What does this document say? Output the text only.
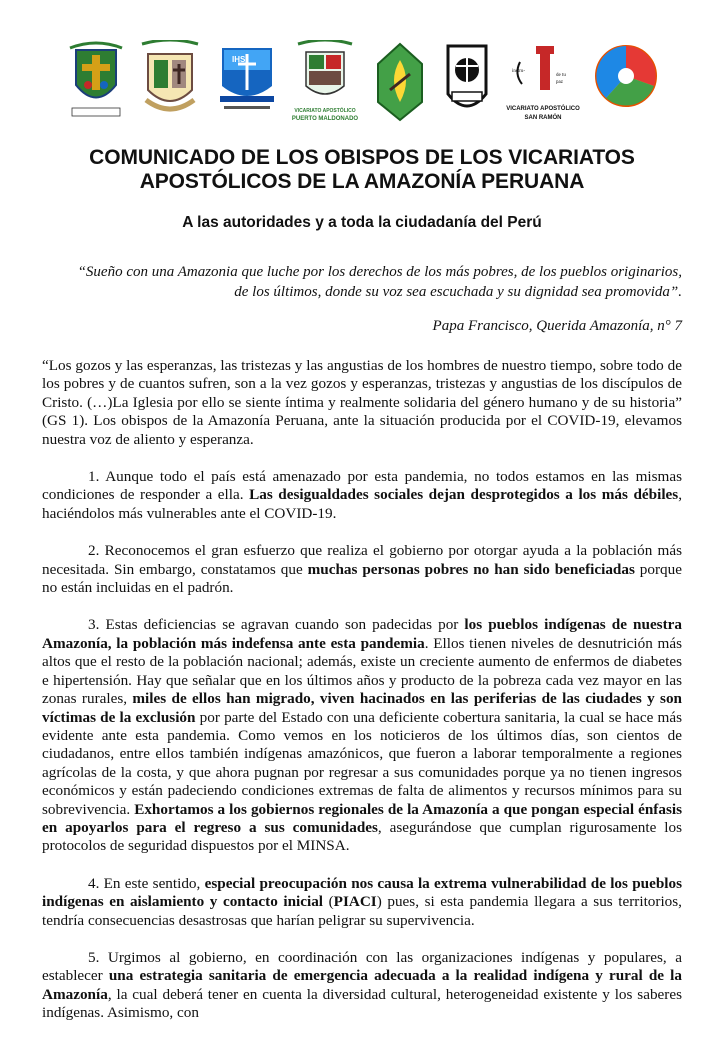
IHS
VICARIATO APOSTÓLICO
PUERTO MALDONADO
instru-
de tu
paz
VICARIATO APOSTÓLICO
SAN RAMÓN
COMUNICADO DE LOS OBISPOS DE LOS VICARIATOS
APOSTÓLICOS DE LA AMAZONÍA PERUANA
A las autoridades y a toda la ciudadanía del Perú
“Sueño con una Amazonia que luche por los derechos de los más pobres, de los pueblos originarios, de los últimos, donde su voz sea escuchada y su dignidad sea promovida”.
Papa Francisco, Querida Amazonía, n° 7

“Los gozos y las esperanzas, las tristezas y las angustias de los hombres de nuestro tiempo, sobre todo de los pobres y de cuantos sufren, son a la vez gozos y esperanzas, tristezas y angustias de los discípulos de Cristo. (…)La Iglesia por ello se siente íntima y realmente solidaria del género humano y de su historia” (GS 1). Los obispos de la Amazonía Peruana, ante la situación producida por el COVID-19, elevamos nuestra voz de aliento y esperanza.

1. Aunque todo el país está amenazado por esta pandemia, no todos estamos en las mismas condiciones de responder a ella. Las desigualdades sociales dejan desprotegidos a los más débiles, haciéndolos más vulnerables ante el COVID-19.

2. Reconocemos el gran esfuerzo que realiza el gobierno por otorgar ayuda a la población más necesitada. Sin embargo, constatamos que muchas personas pobres no han sido beneficiadas porque no están incluidas en el padrón.

3. Estas deficiencias se agravan cuando son padecidas por los pueblos indígenas de nuestra Amazonía, la población más indefensa ante esta pandemia. Ellos tienen niveles de desnutrición más altos que el resto de la población nacional; además, existe un creciente aumento de enfermos de diabetes e hipertensión. Hay que señalar que en los últimos años y producto de la pobreza cada vez mayor en las zonas rurales, miles de ellos han migrado, viven hacinados en las periferias de las ciudades y son víctimas de la exclusión por parte del Estado con una deficiente cobertura sanitaria, la cual se hace más evidente ante esta pandemia. Como vemos en los noticieros de los últimos días, son cientos de ciudadanos, entre ellos también indígenas amazónicos, que fueron a laborar temporalmente a regiones agrícolas de la costa, y que ahora pugnan por regresar a sus comunidades porque ya no tienen ingresos económicos y están padeciendo condiciones extremas de falta de alimentos y recursos mínimos para su sobrevivencia. Exhortamos a los gobiernos regionales de la Amazonía a que pongan especial énfasis en apoyarlos para el regreso a sus comunidades, asegurándose que cumplan rigurosamente los protocolos de seguridad dispuestos por el MINSA.

4. En este sentido, especial preocupación nos causa la extrema vulnerabilidad de los pueblos indígenas en aislamiento y contacto inicial (PIACI) pues, si esta pandemia llegara a sus territorios, tendría consecuencias desastrosas que harían peligrar su supervivencia.

5. Urgimos al gobierno, en coordinación con las organizaciones indígenas y populares, a establecer una estrategia sanitaria de emergencia adecuada a la realidad indígena y rural de la Amazonía, la cual deberá tener en cuenta la diversidad cultural, heterogeneidad existente y los saberes indígenas. Asimismo, con
